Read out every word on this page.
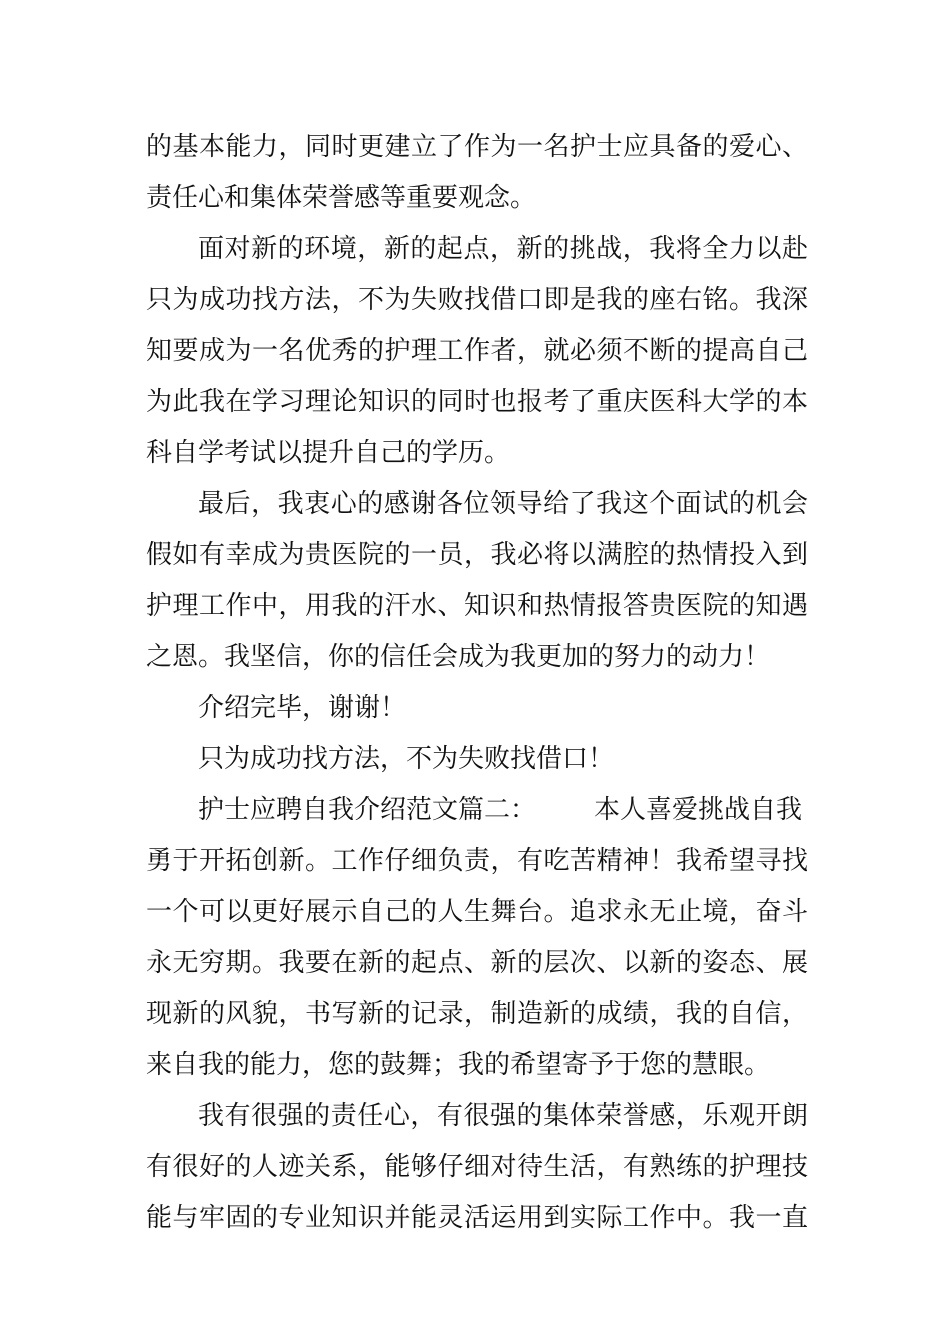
的基本能力，同时更建立了作为一名护士应具备的爱心、
责任心和集体荣誉感等重要观念。
面对新的环境，新的起点，新的挑战，我将全力以赴
只为成功找方法，不为失败找借口即是我的座右铭。我深
知要成为一名优秀的护理工作者，就必须不断的提高自己
为此我在学习理论知识的同时也报考了重庆医科大学的本
科自学考试以提升自己的学历。
最后，我衷心的感谢各位领导给了我这个面试的机会
假如有幸成为贵医院的一员，我必将以满腔的热情投入到
护理工作中，用我的汗水、知识和热情报答贵医院的知遇
之恩。我坚信，你的信任会成为我更加的努力的动力！
介绍完毕，谢谢！
只为成功找方法，不为失败找借口！
护士应聘自我介绍范文篇二： 本人喜爱挑战自我
勇于开拓创新。工作仔细负责，有吃苦精神！我希望寻找
一个可以更好展示自己的人生舞台。追求永无止境，奋斗
永无穷期。我要在新的起点、新的层次、以新的姿态、展
现新的风貌，书写新的记录，制造新的成绩，我的自信，
来自我的能力，您的鼓舞；我的希望寄予于您的慧眼。
我有很强的责任心，有很强的集体荣誉感，乐观开朗
有很好的人迹关系，能够仔细对待生活，有熟练的护理技
能与牢固的专业知识并能灵活运用到实际工作中。我一直
